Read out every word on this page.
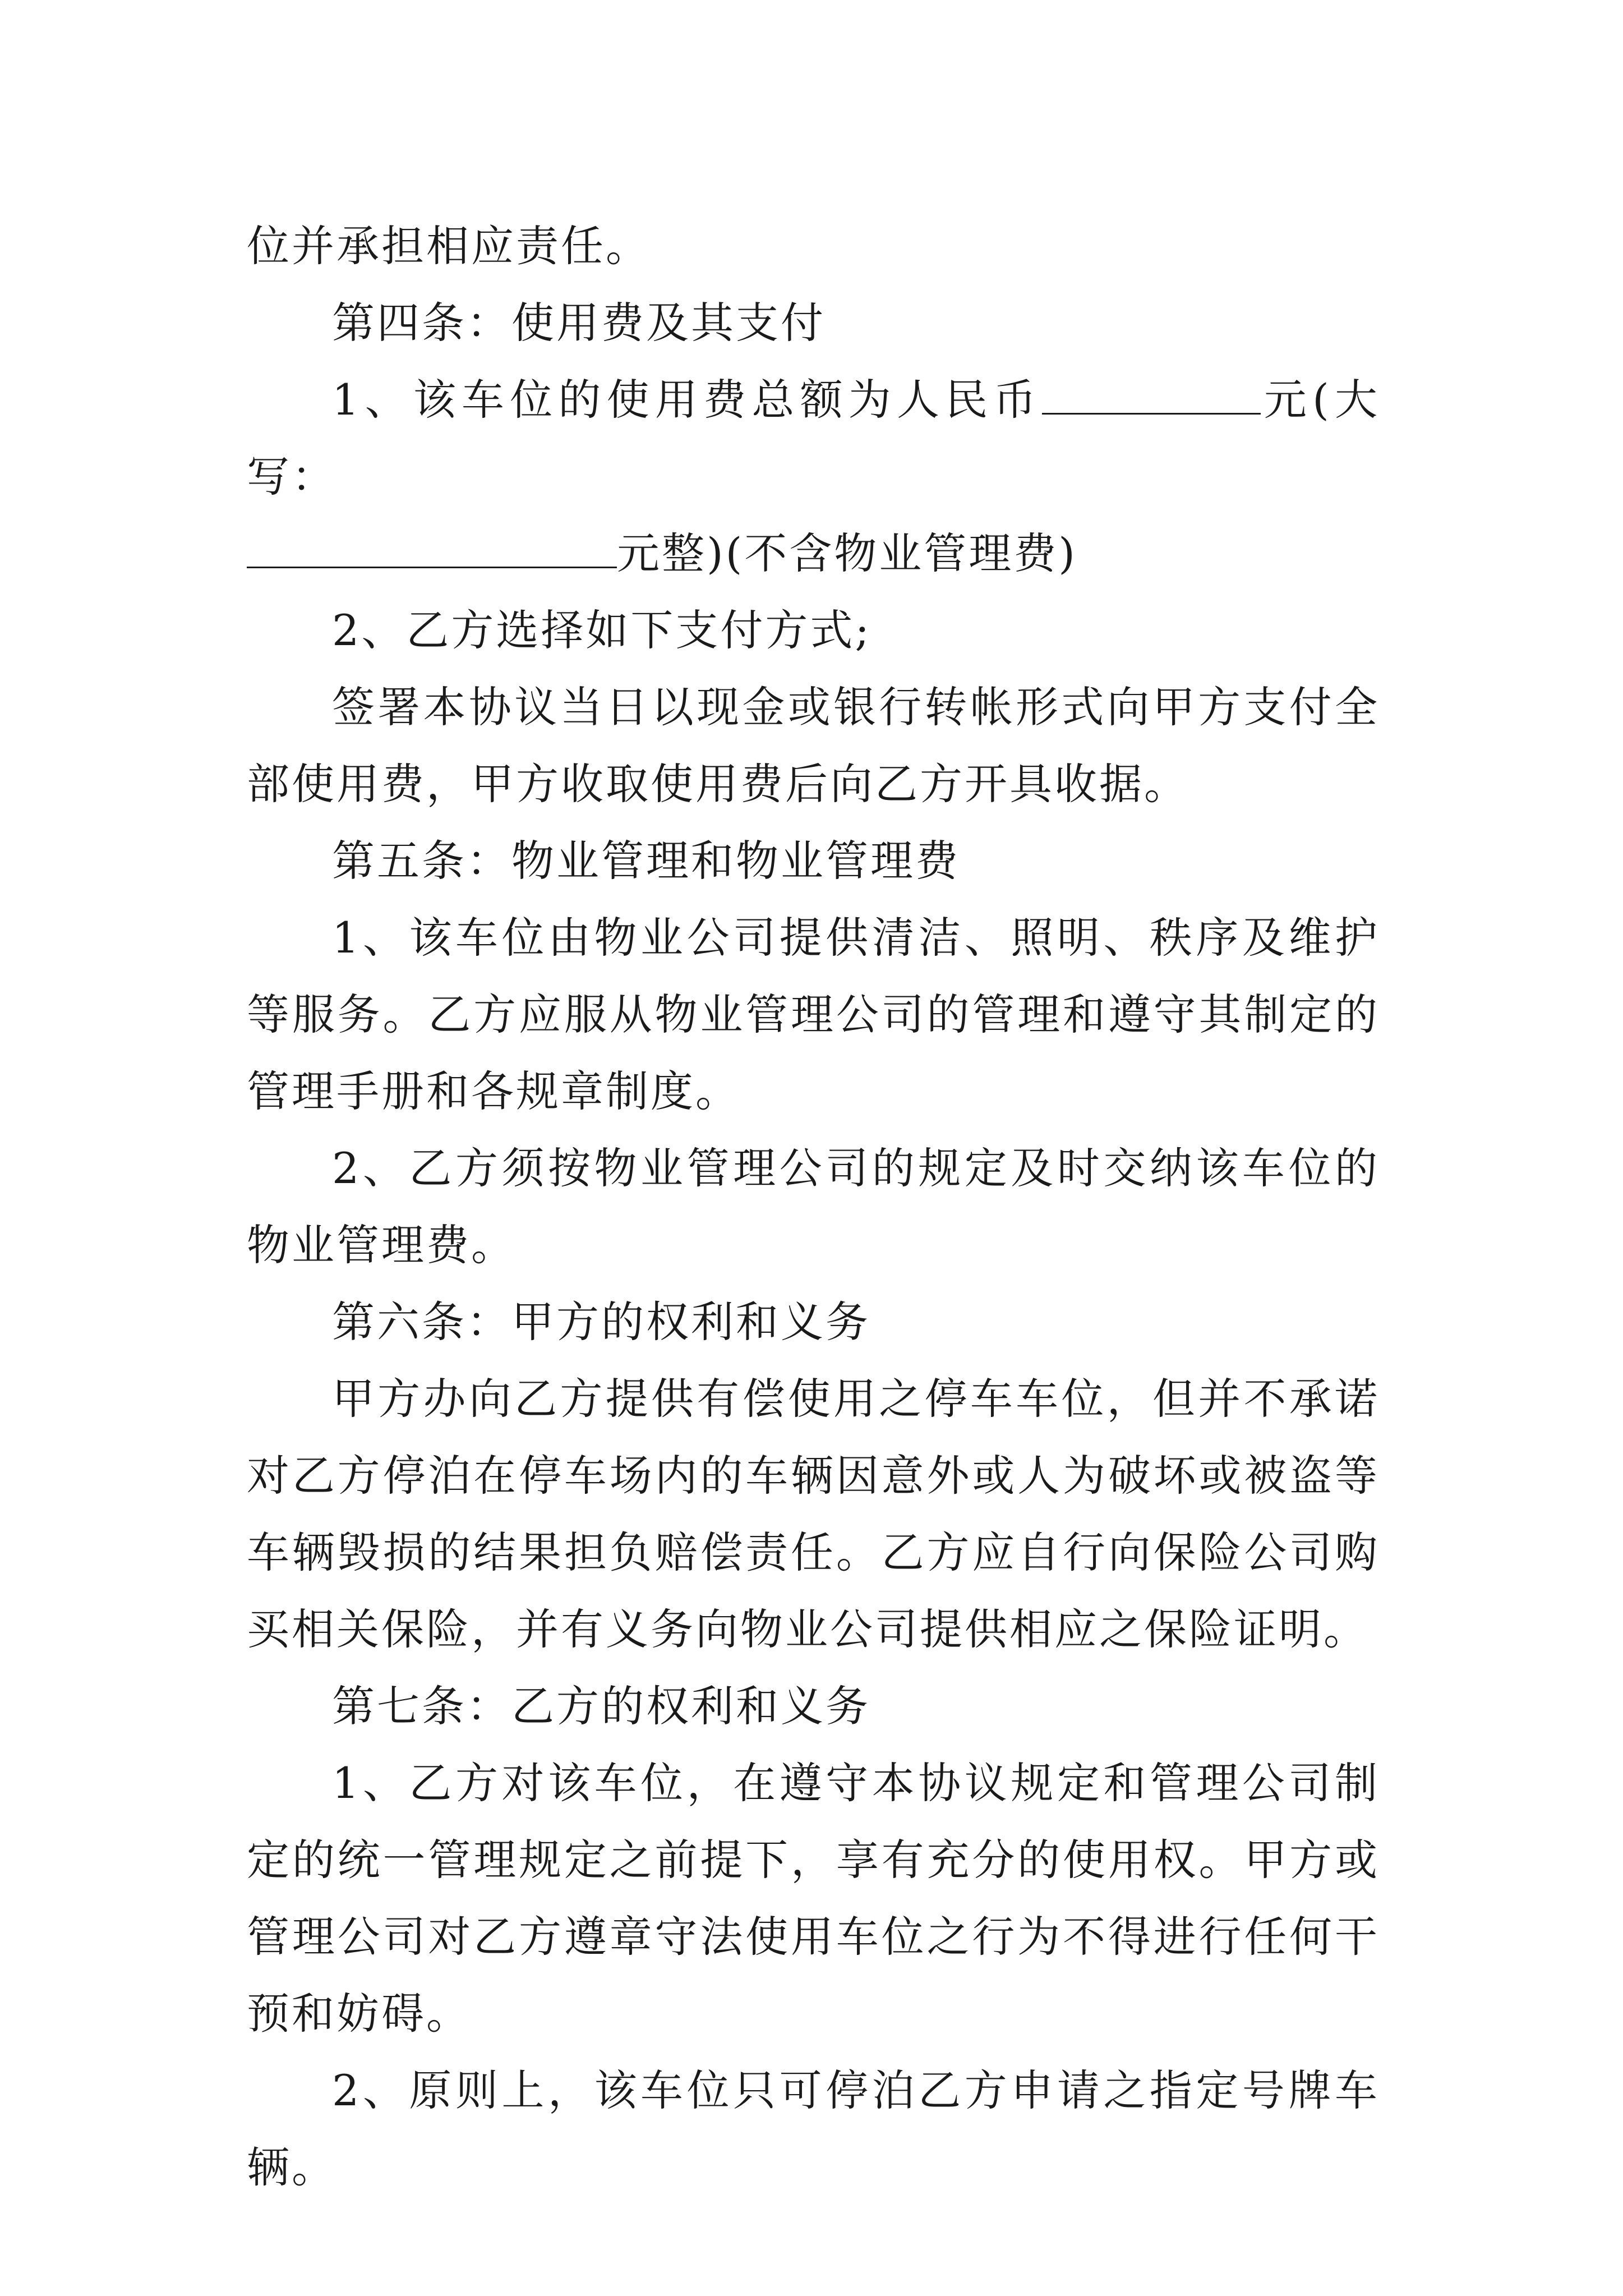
位并承担相应责任。

第四条：使用费及其支付

1、该车位的使用费总额为人民币	元(大写：
元整)(不含物业管理费)

2、乙方选择如下支付方式;

签署本协议当日以现金或银行转帐形式向甲方支付全部使用费，甲方收取使用费后向乙方开具收据。

第五条：物业管理和物业管理费

1、该车位由物业公司提供清洁、照明、秩序及维护等服务。乙方应服从物业管理公司的管理和遵守其制定的管理手册和各规章制度。

2、乙方须按物业管理公司的规定及时交纳该车位的物业管理费。

第六条：甲方的权利和义务

甲方办向乙方提供有偿使用之停车车位，但并不承诺对乙方停泊在停车场内的车辆因意外或人为破坏或被盗等车辆毁损的结果担负赔偿责任。乙方应自行向保险公司购买相关保险，并有义务向物业公司提供相应之保险证明。

第七条：乙方的权利和义务

1、乙方对该车位，在遵守本协议规定和管理公司制定的统一管理规定之前提下，享有充分的使用权。甲方或管理公司对乙方遵章守法使用车位之行为不得进行任何干预和妨碍。

2、原则上，该车位只可停泊乙方申请之指定号牌车辆。
